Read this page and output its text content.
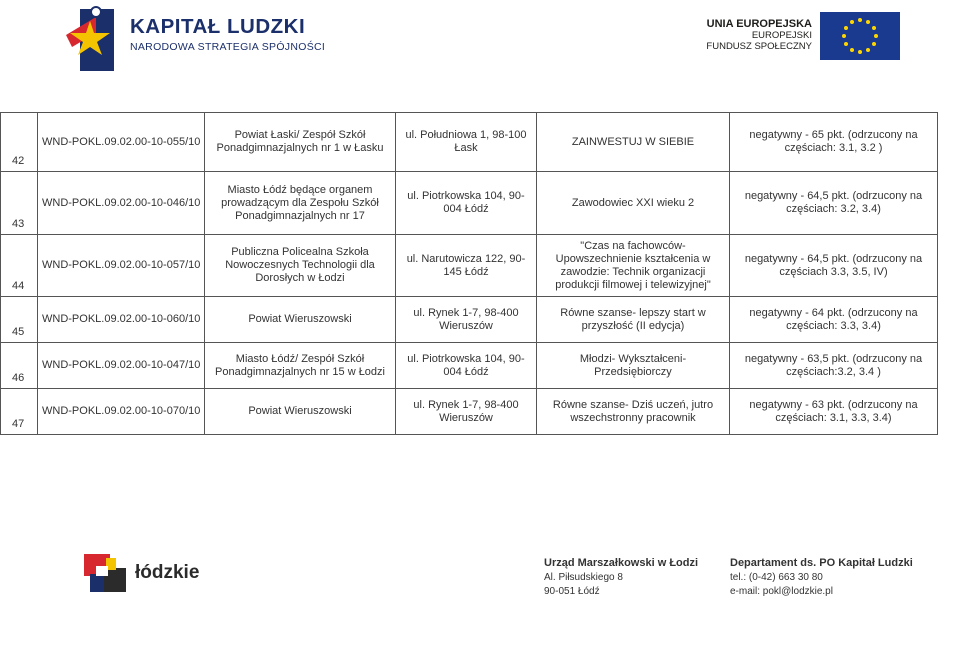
KAPITAŁ LUDZKI
NARODOWA STRATEGIA SPÓJNOŚCI
UNIA EUROPEJSKA
EUROPEJSKI
FUNDUSZ SPOŁECZNY
42	WND-POKL.09.02.00-10-055/10	Powiat Łaski/ Zespół Szkół Ponadgimnazjalnych nr 1 w Łasku	ul. Południowa 1, 98-100 Łask	ZAINWESTUJ W SIEBIE	negatywny - 65 pkt. (odrzucony na częściach: 3.1, 3.2 )
43	WND-POKL.09.02.00-10-046/10	Miasto Łódź będące organem prowadzącym dla Zespołu Szkół Ponadgimnazjalnych nr 17	ul. Piotrkowska 104, 90-004 Łódź	Zawodowiec XXI wieku 2	negatywny - 64,5 pkt. (odrzucony na częściach: 3.2, 3.4)
44	WND-POKL.09.02.00-10-057/10	Publiczna Policealna Szkoła Nowoczesnych Technologii dla Dorosłych w Łodzi	ul. Narutowicza 122, 90-145 Łódź	"Czas na fachowców- Upowszechnienie kształcenia w zawodzie: Technik organizacji produkcji filmowej i telewizyjnej"	negatywny - 64,5 pkt. (odrzucony na częściach 3.3, 3.5, IV)
45	WND-POKL.09.02.00-10-060/10	Powiat Wieruszowski	ul. Rynek 1-7, 98-400 Wieruszów	Równe szanse- lepszy start w przyszłość (II edycja)	negatywny - 64 pkt. (odrzucony na częściach: 3.3, 3.4)
46	WND-POKL.09.02.00-10-047/10	Miasto Łódź/ Zespół Szkół Ponadgimnazjalnych nr 15 w Łodzi	ul. Piotrkowska 104, 90-004 Łódź	Młodzi- Wykształceni- Przedsiębiorczy	negatywny - 63,5 pkt. (odrzucony na częściach:3.2, 3.4 )
47	WND-POKL.09.02.00-10-070/10	Powiat Wieruszowski	ul. Rynek 1-7, 98-400 Wieruszów	Równe szanse- Dziś uczeń, jutro wszechstronny pracownik	negatywny - 63 pkt. (odrzucony na częściach: 3.1, 3.3, 3.4)
łódzkie	Urząd Marszałkowski w Łodzi
Al. Piłsudskiego 8
90-051 Łódź
Departament ds. PO Kapitał Ludzki
tel.: (0-42) 663 30 80
e-mail: pokl@lodzkie.pl
